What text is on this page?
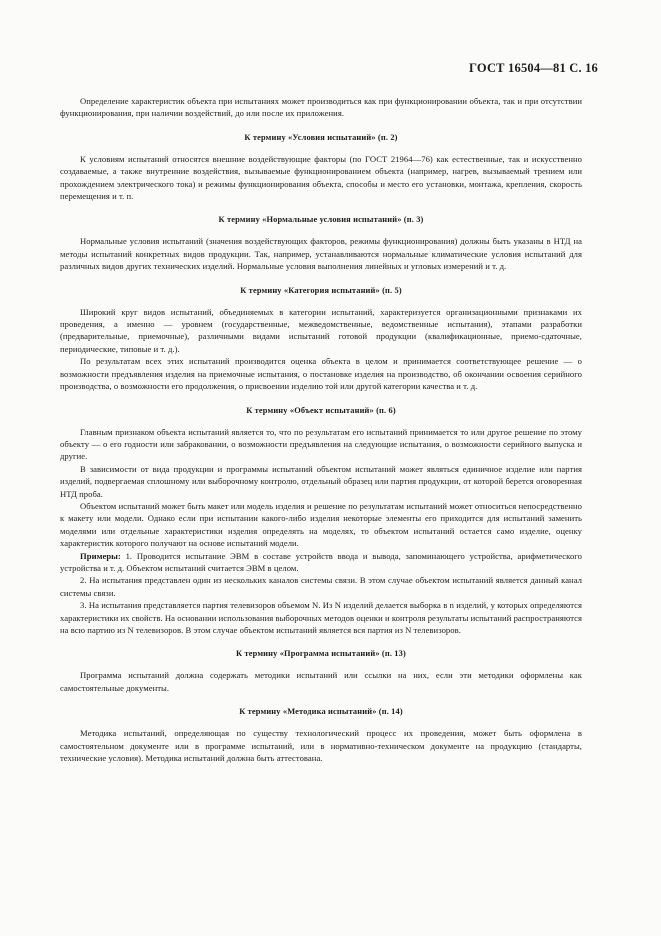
ГОСТ 16504—81 С. 16

Определение характеристик объекта при испытаниях может производиться как при функционировании объекта, так и при отсутствии функционирования, при наличии воздействий, до или после их приложения.

К термину «Условия испытаний» (п. 2)

К условиям испытаний относятся внешние воздействующие факторы (по ГОСТ 21964—76) как естественные, так и искусственно создаваемые, а также внутренние воздействия, вызываемые функционированием объекта (например, нагрев, вызываемый трением или прохождением электрического тока) и режимы функционирования объекта, способы и место его установки, монтажа, крепления, скорость перемещения и т. п.

К термину «Нормальные условия испытаний» (п. 3)

Нормальные условия испытаний (значения воздействующих факторов, режимы функционирования) должны быть указаны в НТД на методы испытаний конкретных видов продукции. Так, например, устанавливаются нормальные климатические условия испытаний для различных видов других технических изделий. Нормальные условия выполнения линейных и угловых измерений и т. д.

К термину «Категория испытаний» (п. 5)

Широкий круг видов испытаний, объединяемых в категории испытаний, характеризуется организационными признаками их проведения, а именно — уровнем (государственные, межведомственные, ведомственные испытания), этапами разработки (предварительные, приемочные), различными видами испытаний готовой продукции (квалификационные, приемо-сдаточные, периодические, типовые и т. д.).

По результатам всех этих испытаний производится оценка объекта в целом и принимается соответствующее решение — о возможности предъявления изделия на приемочные испытания, о постановке изделия на производство, об окончании освоения серийного производства, о возможности его продолжения, о присвоении изделию той или другой категории качества и т. д.

К термину «Объект испытаний» (п. 6)

Главным признаком объекта испытаний является то, что по результатам его испытаний принимается то или другое решение по этому объекту — о его годности или забраковании, о возможности предъявления на следующие испытания, о возможности серийного выпуска и другие.

В зависимости от вида продукции и программы испытаний объектом испытаний может являться единичное изделие или партия изделий, подвергаемая сплошному или выборочному контролю, отдельный образец или партия продукции, от которой берется оговоренная НТД проба.

Объектом испытаний может быть макет или модель изделия и решение по результатам испытаний может относиться непосредственно к макету или модели. Однако если при испытании какого-либо изделия некоторые элементы его приходится для испытаний заменить моделями или отдельные характеристики изделия определять на моделях, то объектом испытаний остается само изделие, оценку характеристик которого получают на основе испытаний модели.

Примеры: 1. Проводится испытание ЭВМ в составе устройств ввода и вывода, запоминающего устройства, арифметического устройства и т. д. Объектом испытаний считается ЭВМ в целом.

2. На испытания представлен один из нескольких каналов системы связи. В этом случае объектом испытаний является данный канал системы связи.

3. На испытания представляется партия телевизоров объемом N. Из N изделий делается выборка в n изделий, у которых определяются характеристики их свойств. На основании использования выборочных методов оценки и контроля результаты испытаний распространяются на всю партию из N телевизоров. В этом случае объектом испытаний является вся партия из N телевизоров.

К термину «Программа испытаний» (п. 13)

Программа испытаний должна содержать методики испытаний или ссылки на них, если эти методики оформлены как самостоятельные документы.

К термину «Методика испытаний» (п. 14)

Методика испытаний, определяющая по существу технологический процесс их проведения, может быть оформлена в самостоятельном документе или в программе испытаний, или в нормативно-техническом документе на продукцию (стандарты, технические условия). Методика испытаний должна быть аттестована.
